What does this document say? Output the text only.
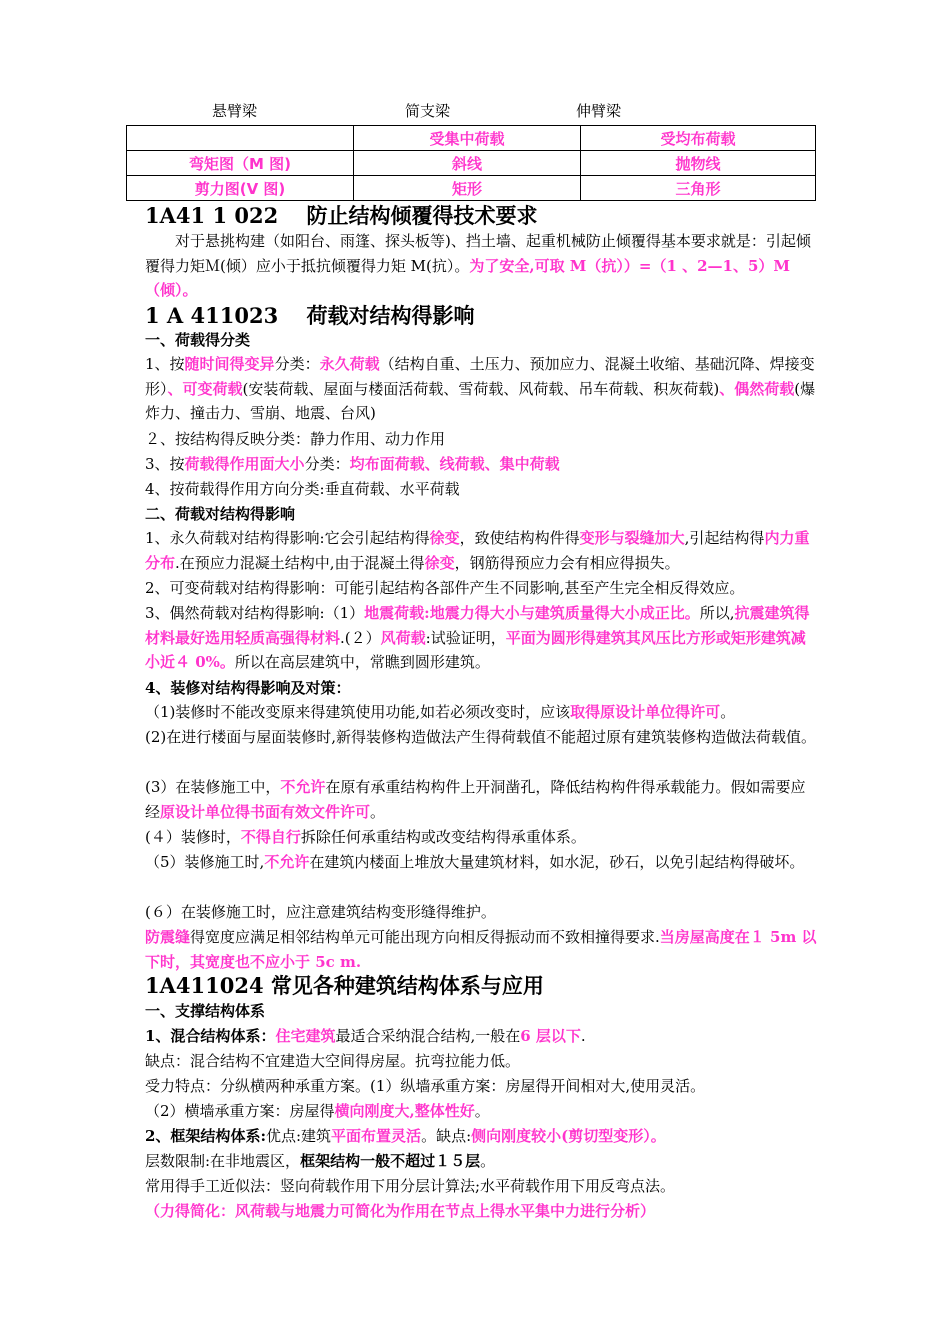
悬臂梁	简支梁	伸臂梁
	受集中荷载	受均布荷载
弯矩图（M 图)	斜线	抛物线
剪力图(V 图)	矩形	三角形
1A41 1 022　 防止结构倾覆得技术要求
对于悬挑构建（如阳台、雨篷、探头板等)、挡土墙、起重机械防止倾覆得基本要求就是：引起倾覆得力矩Ｍ(倾）应小于抵抗倾覆得力矩 M(抗）。为了安全,可取 M（抗））=（1 、2—1、5）M（倾）。
1 A 411023　 荷载对结构得影响
一、荷载得分类
1、按随时间得变异分类：永久荷载（结构自重、土压力、预加应力、混凝土收缩、基础沉降、焊接变形）、可变荷载(安装荷载、屋面与楼面活荷载、雪荷载、风荷载、吊车荷载、积灰荷载)、偶然荷载(爆炸力、撞击力、雪崩、地震、台风)
２、按结构得反映分类：静力作用、动力作用
3、按荷载得作用面大小分类：均布面荷载、线荷载、集中荷载
4、按荷载得作用方向分类:垂直荷载、水平荷载
二、荷载对结构得影响
1、永久荷载对结构得影响:它会引起结构得徐变，致使结构构件得变形与裂缝加大,引起结构得内力重分布.在预应力混凝土结构中,由于混凝土得徐变，钢筋得预应力会有相应得损失。
2、可变荷载对结构得影响：可能引起结构各部件产生不同影响,甚至产生完全相反得效应。
3、偶然荷载对结构得影响:（1）地震荷载:地震力得大小与建筑质量得大小成正比。所以,抗震建筑得材料最好选用轻质高强得材料.(２）风荷载:试验证明，平面为圆形得建筑其风压比方形或矩形建筑减小近４ 0%。所以在高层建筑中，常瞧到圆形建筑。
4、装修对结构得影响及对策：
（1)装修时不能改变原来得建筑使用功能,如若必须改变时，应该取得原设计单位得许可。
(2)在进行楼面与屋面装修时,新得装修构造做法产生得荷载值不能超过原有建筑装修构造做法荷载值。
(3）在装修施工中，不允许在原有承重结构构件上开洞凿孔，降低结构构件得承载能力。假如需要应经原设计单位得书面有效文件许可。
(４）装修时，不得自行拆除任何承重结构或改变结构得承重体系。
（5）装修施工时,不允许在建筑内楼面上堆放大量建筑材料，如水泥，砂石，以免引起结构得破坏。
(６）在装修施工时，应注意建筑结构变形缝得维护。
防震缝得宽度应满足相邻结构单元可能出现方向相反得振动而不致相撞得要求.当房屋高度在１ 5m 以下时，其宽度也不应小于 5c m.
1A411024 常见各种建筑结构体系与应用
一、支撑结构体系
1、混合结构体系：住宅建筑最适合采纳混合结构,一般在6 层以下.
缺点：混合结构不宜建造大空间得房屋。抗弯拉能力低。
受力特点：分纵横两种承重方案。(1）纵墙承重方案：房屋得开间相对大,使用灵活。
（2）横墙承重方案：房屋得横向刚度大,整体性好。
2、框架结构体系:优点:建筑平面布置灵活。缺点:侧向刚度较小(剪切型变形）。
层数限制:在非地震区，框架结构一般不超过１５层。
常用得手工近似法：竖向荷载作用下用分层计算法;水平荷载作用下用反弯点法。
（力得简化：风荷载与地震力可简化为作用在节点上得水平集中力进行分析）
